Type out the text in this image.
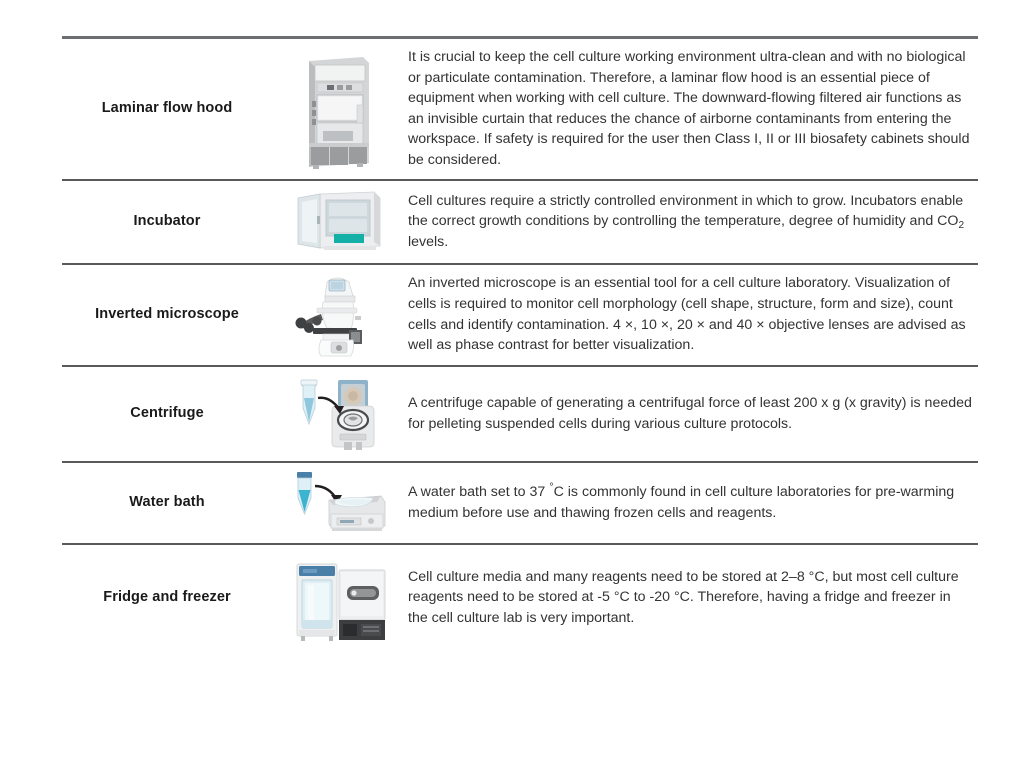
Laminar flow hood		It is crucial to keep the cell culture working environment ultra-clean and with no biological or particulate contamination. Therefore, a laminar flow hood is an essential piece of equipment when working with cell culture. The downward-flowing filtered air functions as an invisible curtain that reduces the chance of airborne contaminants from entering the workspace. If safety is required for the user then Class I, II or III biosafety cabinets should be considered.

Incubator		Cell cultures require a strictly controlled environment in which to grow. Incubators enable the correct growth conditions by controlling the temperature, degree of humidity and $CO_2$ levels.

Inverted microscope		An inverted microscope is an essential tool for a cell culture laboratory. Visualization of cells is required to monitor cell morphology (cell shape, structure, form and size), count cells and identify contamination. 4 ×, 10 ×, 20 × and 40 × objective lenses are advised as well as phase contrast for better visualization.

Centrifuge		A centrifuge capable of generating a centrifugal force of least 200 x g (x gravity) is needed for pelleting suspended cells during various culture protocols.

Water bath		A water bath set to 37 °C is commonly found in cell culture laboratories for pre-warming medium before use and thawing frozen cells and reagents.

Fridge and freezer		Cell culture media and many reagents need to be stored at 2–8 °C, but most cell culture reagents need to be stored at -5 °C to -20 °C. Therefore, having a fridge and freezer in the cell culture lab is very important.
